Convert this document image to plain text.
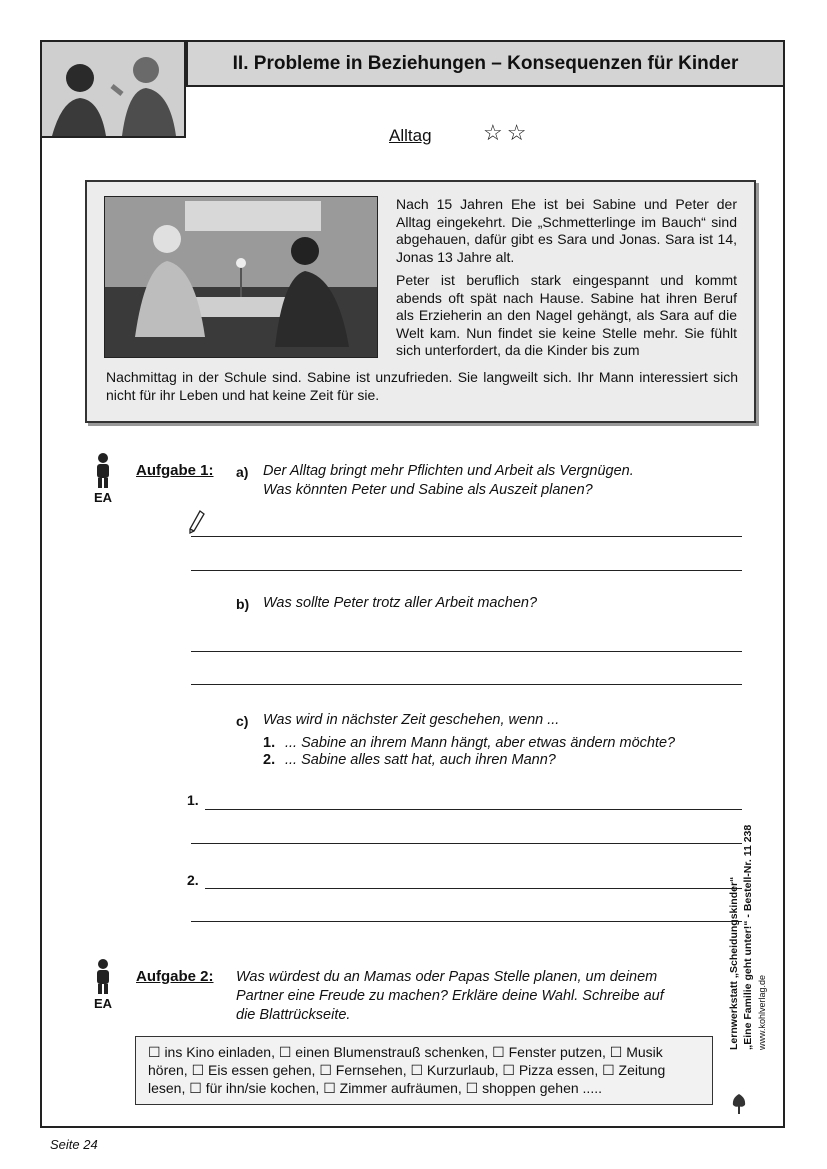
II. Probleme in Beziehungen – Konsequenzen für Kinder
Alltag ☆☆

Nach 15 Jahren Ehe ist bei Sabine und Peter der Alltag eingekehrt. Die „Schmetterlinge im Bauch“ sind abgehauen, dafür gibt es Sara und Jonas. Sara ist 14, Jonas 13 Jahre alt.

Peter ist beruflich stark eingespannt und kommt abends oft spät nach Hause. Sabine hat ihren Beruf als Erzieherin an den Nagel gehängt, als Sara auf die Welt kam. Nun findet sie keine Stelle mehr. Sie fühlt sich unterfordert, da die Kinder bis zum

Nachmittag in der Schule sind. Sabine ist unzufrieden. Sie langweilt sich. Ihr Mann interessiert sich nicht für ihr Leben und hat keine Zeit für sie.
EA
Aufgabe 1: a) Der Alltag bringt mehr Pflichten und Arbeit als Vergnügen.
Was könnten Peter und Sabine als Auszeit planen?
b) Was sollte Peter trotz aller Arbeit machen?
c) Was wird in nächster Zeit geschehen, wenn ...
1. ... Sabine an ihrem Mann hängt, aber etwas ändern möchte?
2. ... Sabine alles satt hat, auch ihren Mann?
1.
2.
EA
Aufgabe 2: Was würdest du an Mamas oder Papas Stelle planen, um deinem
Partner eine Freude zu machen? Erkläre deine Wahl. Schreibe auf
die Blattrückseite.
☐ ins Kino einladen, ☐ einen Blumenstrauß schenken, ☐ Fenster putzen, ☐ Musik hören, ☐ Eis essen gehen, ☐ Fernsehen, ☐ Kurzurlaub, ☐ Pizza essen, ☐ Zeitung lesen, ☐ für ihn/sie kochen, ☐ Zimmer aufräumen, ☐ shoppen gehen .....
Lernwerkstatt „Scheidungskinder“ „Eine Familie geht unter!“ - Bestell-Nr. 11 238 www.kohlverlag.de
Seite 24
